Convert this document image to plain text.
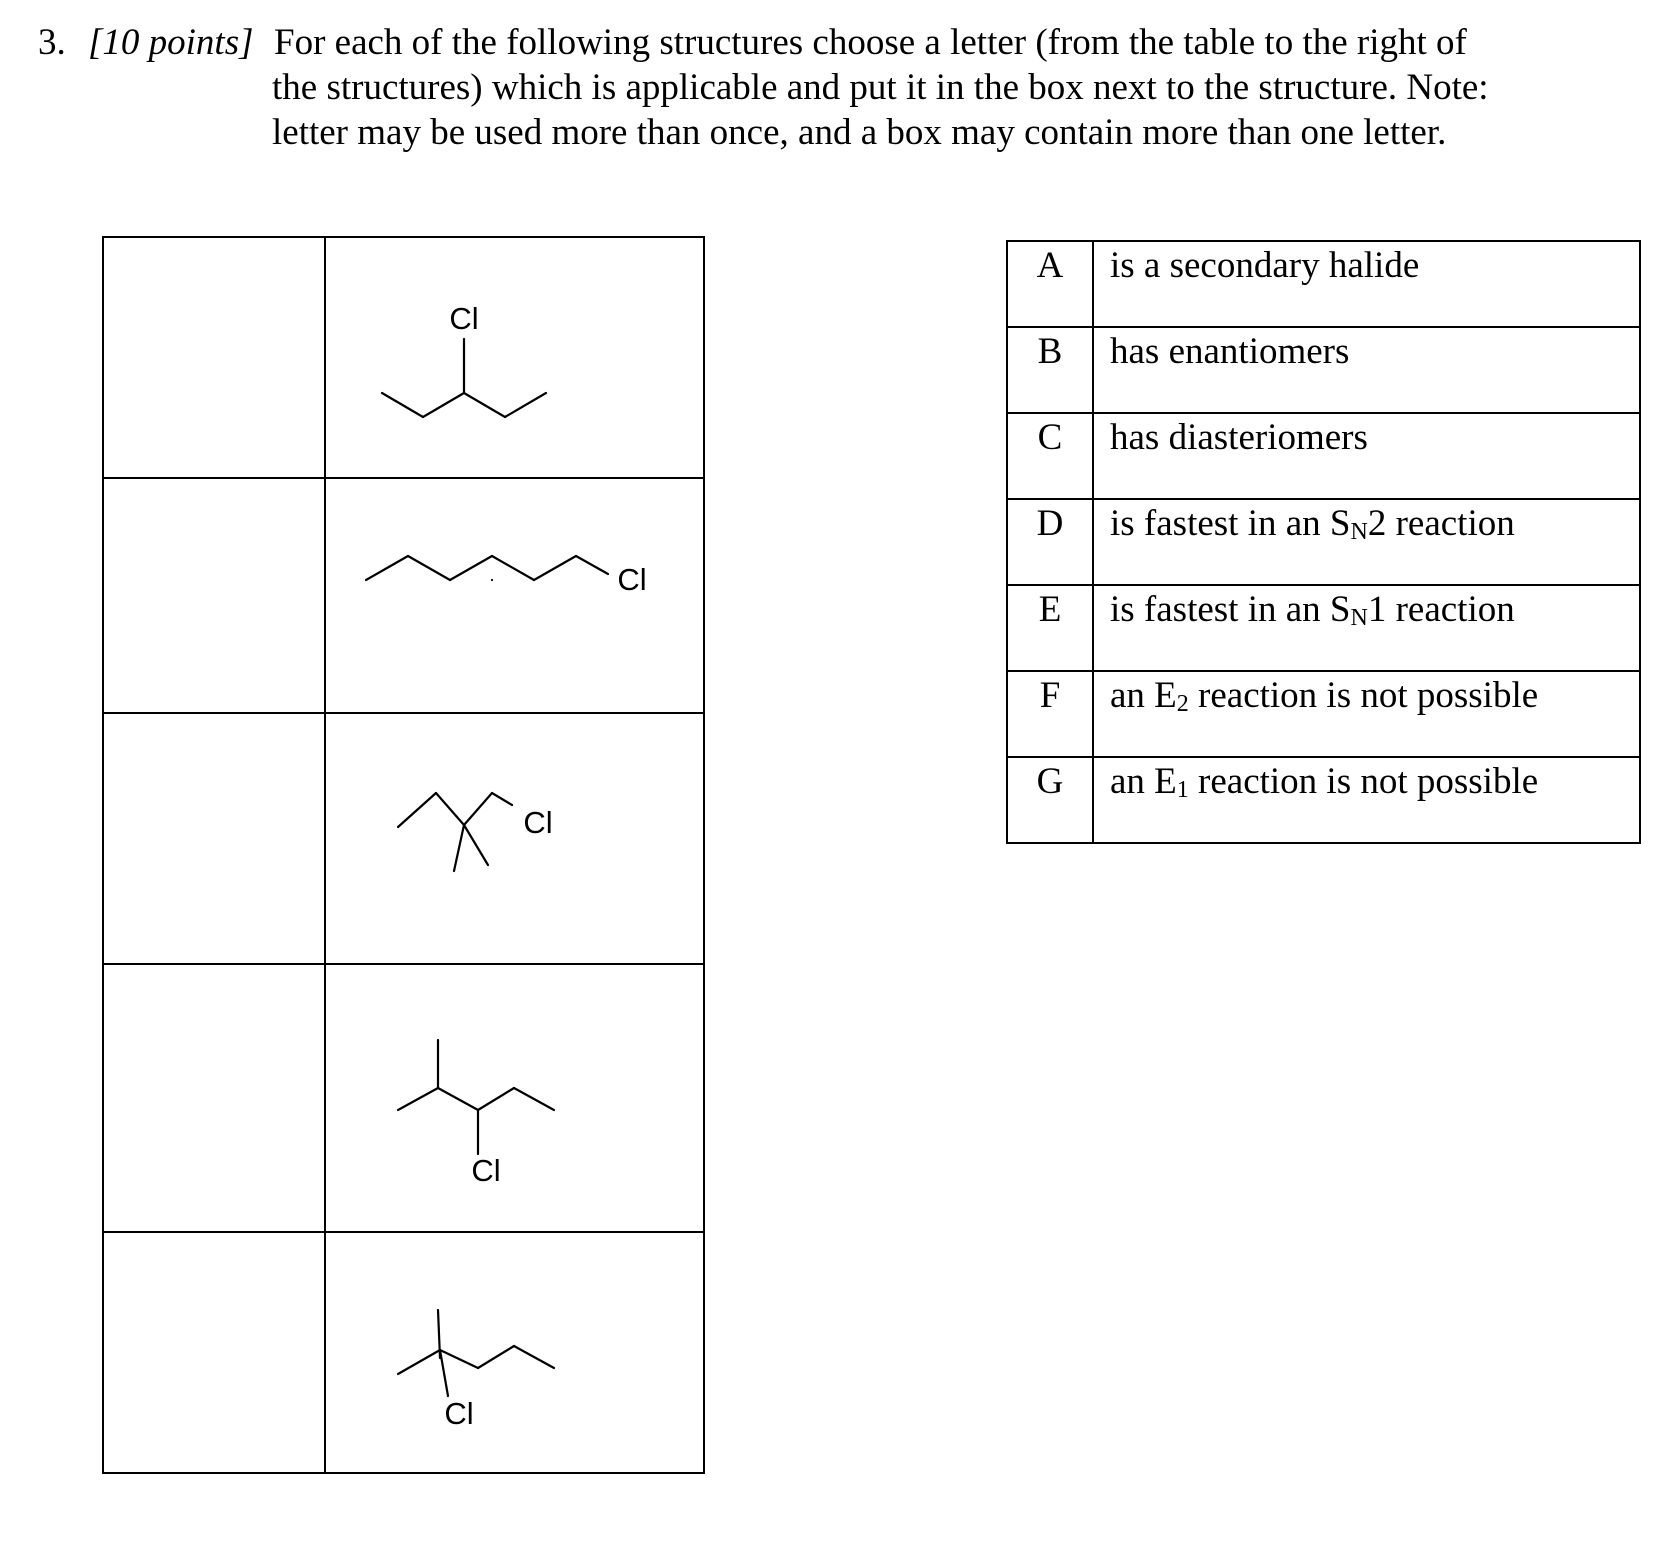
3. [10 points] For each of the following structures choose a letter (from the table to the right of
the structures) which is applicable and put it in the box next to the structure. Note:
letter may be used more than once, and a box may contain more than one letter.

Cl

Cl

Cl

Cl

Cl
A	is a secondary halide
B	has enantiomers
C	has diasteriomers
D	is fastest in an SN2 reaction
E	is fastest in an SN1 reaction
F	an E2 reaction is not possible
G	an E1 reaction is not possible
